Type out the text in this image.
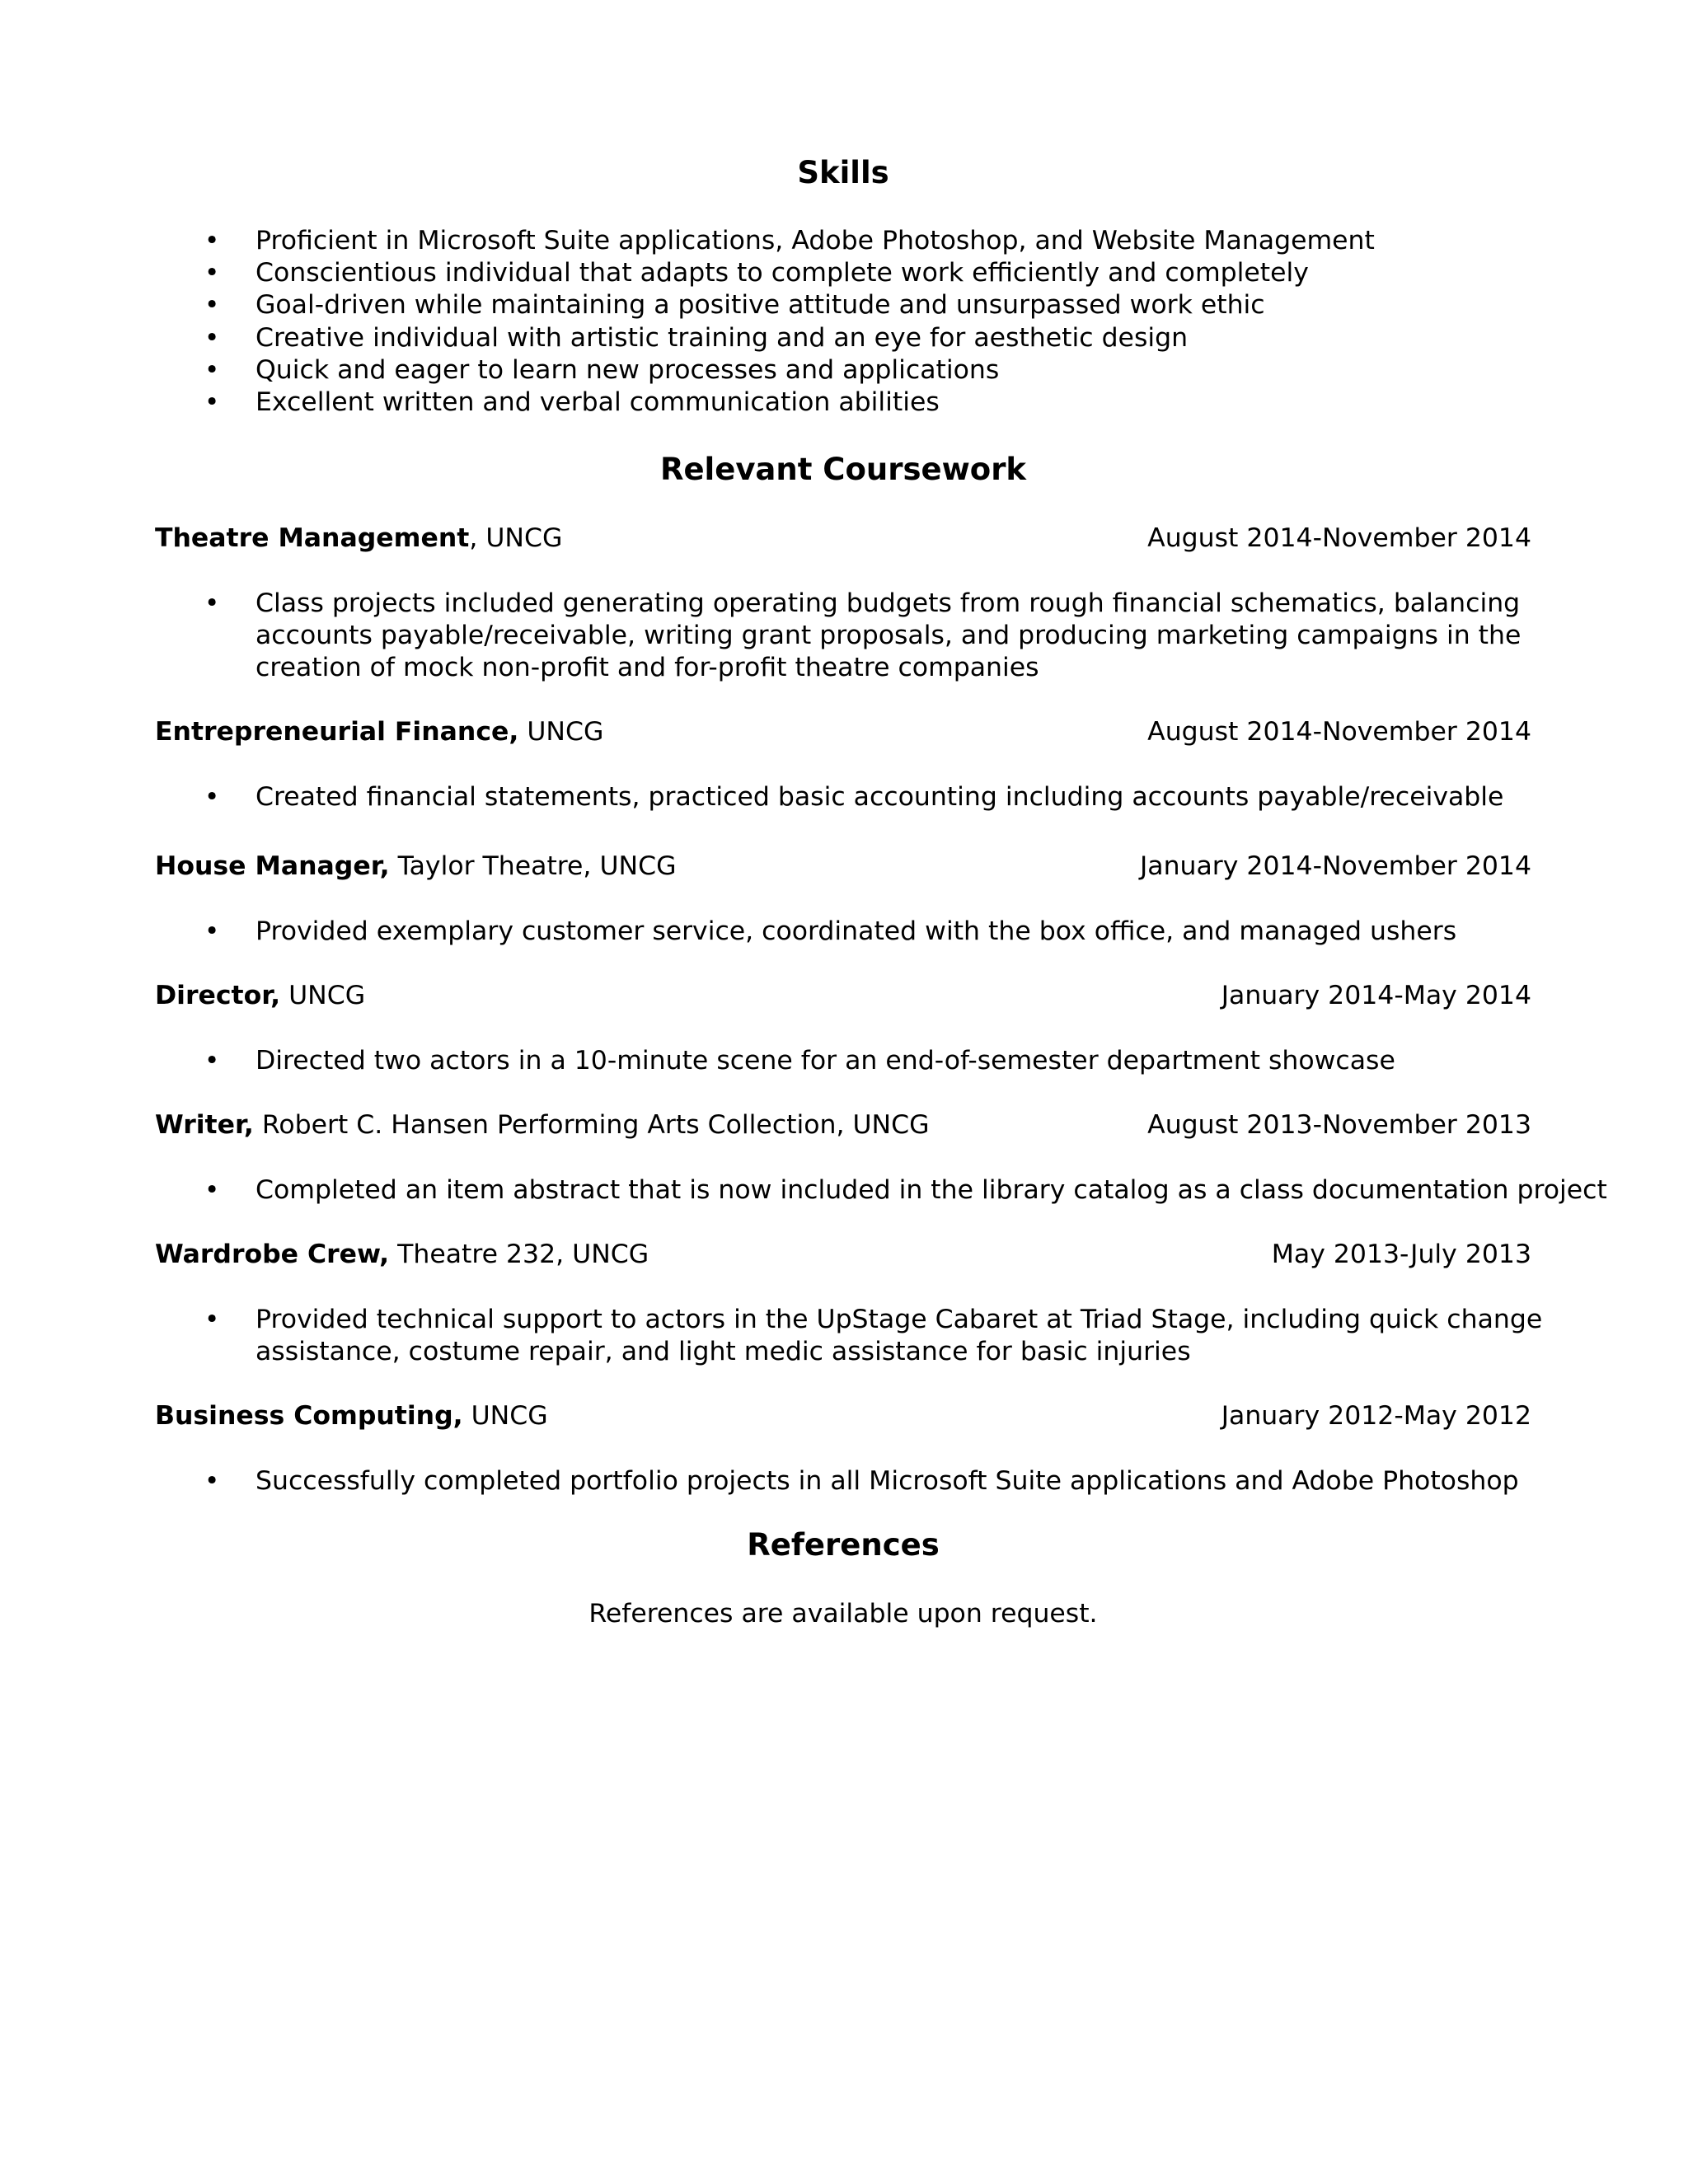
Skills
• Proficient in Microsoft Suite applications, Adobe Photoshop, and Website Management
• Conscientious individual that adapts to complete work efficiently and completely
• Goal-driven while maintaining a positive attitude and unsurpassed work ethic
• Creative individual with artistic training and an eye for aesthetic design
• Quick and eager to learn new processes and applications
• Excellent written and verbal communication abilities
Relevant Coursework
Theatre Management, UNCG	August 2014-November 2014
• Class projects included generating operating budgets from rough financial schematics, balancing accounts payable/receivable, writing grant proposals, and producing marketing campaigns in the creation of mock non-profit and for-profit theatre companies
Entrepreneurial Finance, UNCG	August 2014-November 2014
• Created financial statements, practiced basic accounting including accounts payable/receivable
House Manager, Taylor Theatre, UNCG	January 2014-November 2014
• Provided exemplary customer service, coordinated with the box office, and managed ushers
Director, UNCG	January 2014-May 2014
• Directed two actors in a 10-minute scene for an end-of-semester department showcase
Writer, Robert C. Hansen Performing Arts Collection, UNCG	August 2013-November 2013
• Completed an item abstract that is now included in the library catalog as a class documentation project
Wardrobe Crew, Theatre 232, UNCG	May 2013-July 2013
• Provided technical support to actors in the UpStage Cabaret at Triad Stage, including quick change assistance, costume repair, and light medic assistance for basic injuries
Business Computing, UNCG	January 2012-May 2012
• Successfully completed portfolio projects in all Microsoft Suite applications and Adobe Photoshop
References
References are available upon request.
